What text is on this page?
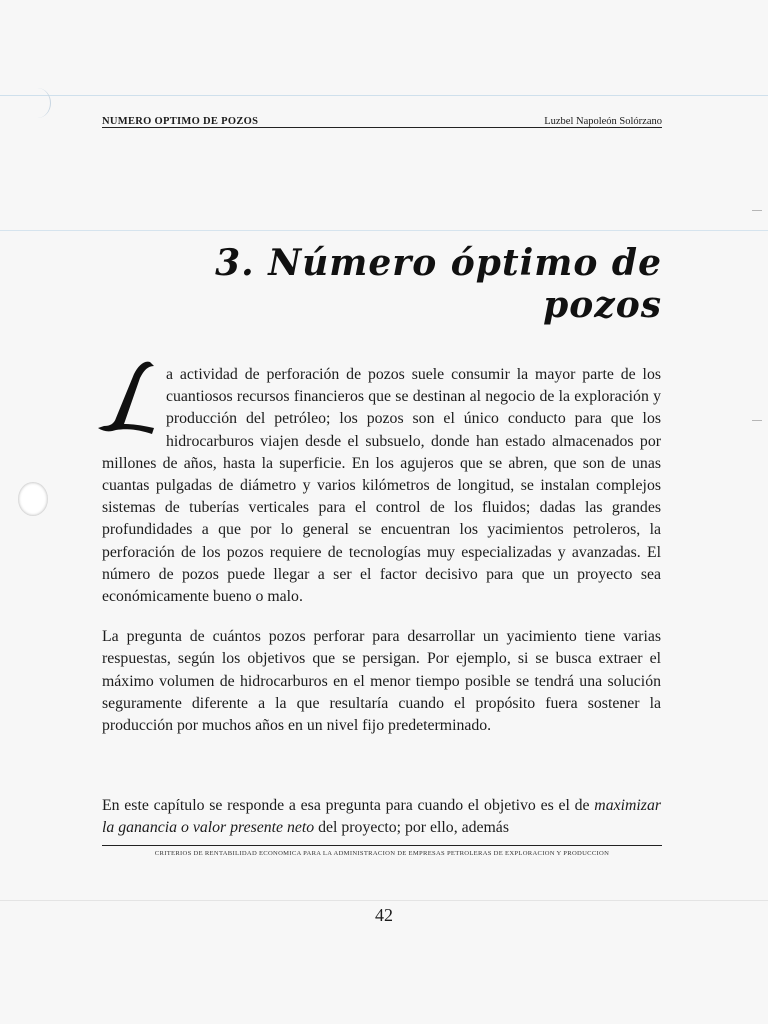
NUMERO OPTIMO DE POZOS	Luzbel Napoleón Solórzano
3. Número óptimo de pozos

a actividad de perforación de pozos suele consumir la mayor parte de los cuantiosos recursos financieros que se destinan al negocio de la exploración y producción del petróleo; los pozos son el único conducto para que los hidrocarburos viajen desde el subsuelo, donde han estado almacenados por millones de años, hasta la superficie. En los agujeros que se abren, que son de unas cuantas pulgadas de diámetro y varios kilómetros de longitud, se instalan complejos sistemas de tuberías verticales para el control de los fluidos; dadas las grandes profundidades a que por lo general se encuentran los yacimientos petroleros, la perforación de los pozos requiere de tecnologías muy especializadas y avanzadas. El número de pozos puede llegar a ser el factor decisivo para que un proyecto sea económicamente bueno o malo.

La pregunta de cuántos pozos perforar para desarrollar un yacimiento tiene varias respuestas, según los objetivos que se persigan. Por ejemplo, si se busca extraer el máximo volumen de hidrocarburos en el menor tiempo posible se tendrá una solución seguramente diferente a la que resultaría cuando el propósito fuera sostener la producción por muchos años en un nivel fijo predeterminado.

En este capítulo se responde a esa pregunta para cuando el objetivo es el de maximizar la ganancia o valor presente neto del proyecto; por ello, además

CRITERIOS DE RENTABILIDAD ECONOMICA PARA LA ADMINISTRACION DE EMPRESAS PETROLERAS DE EXPLORACION Y PRODUCCION
42
